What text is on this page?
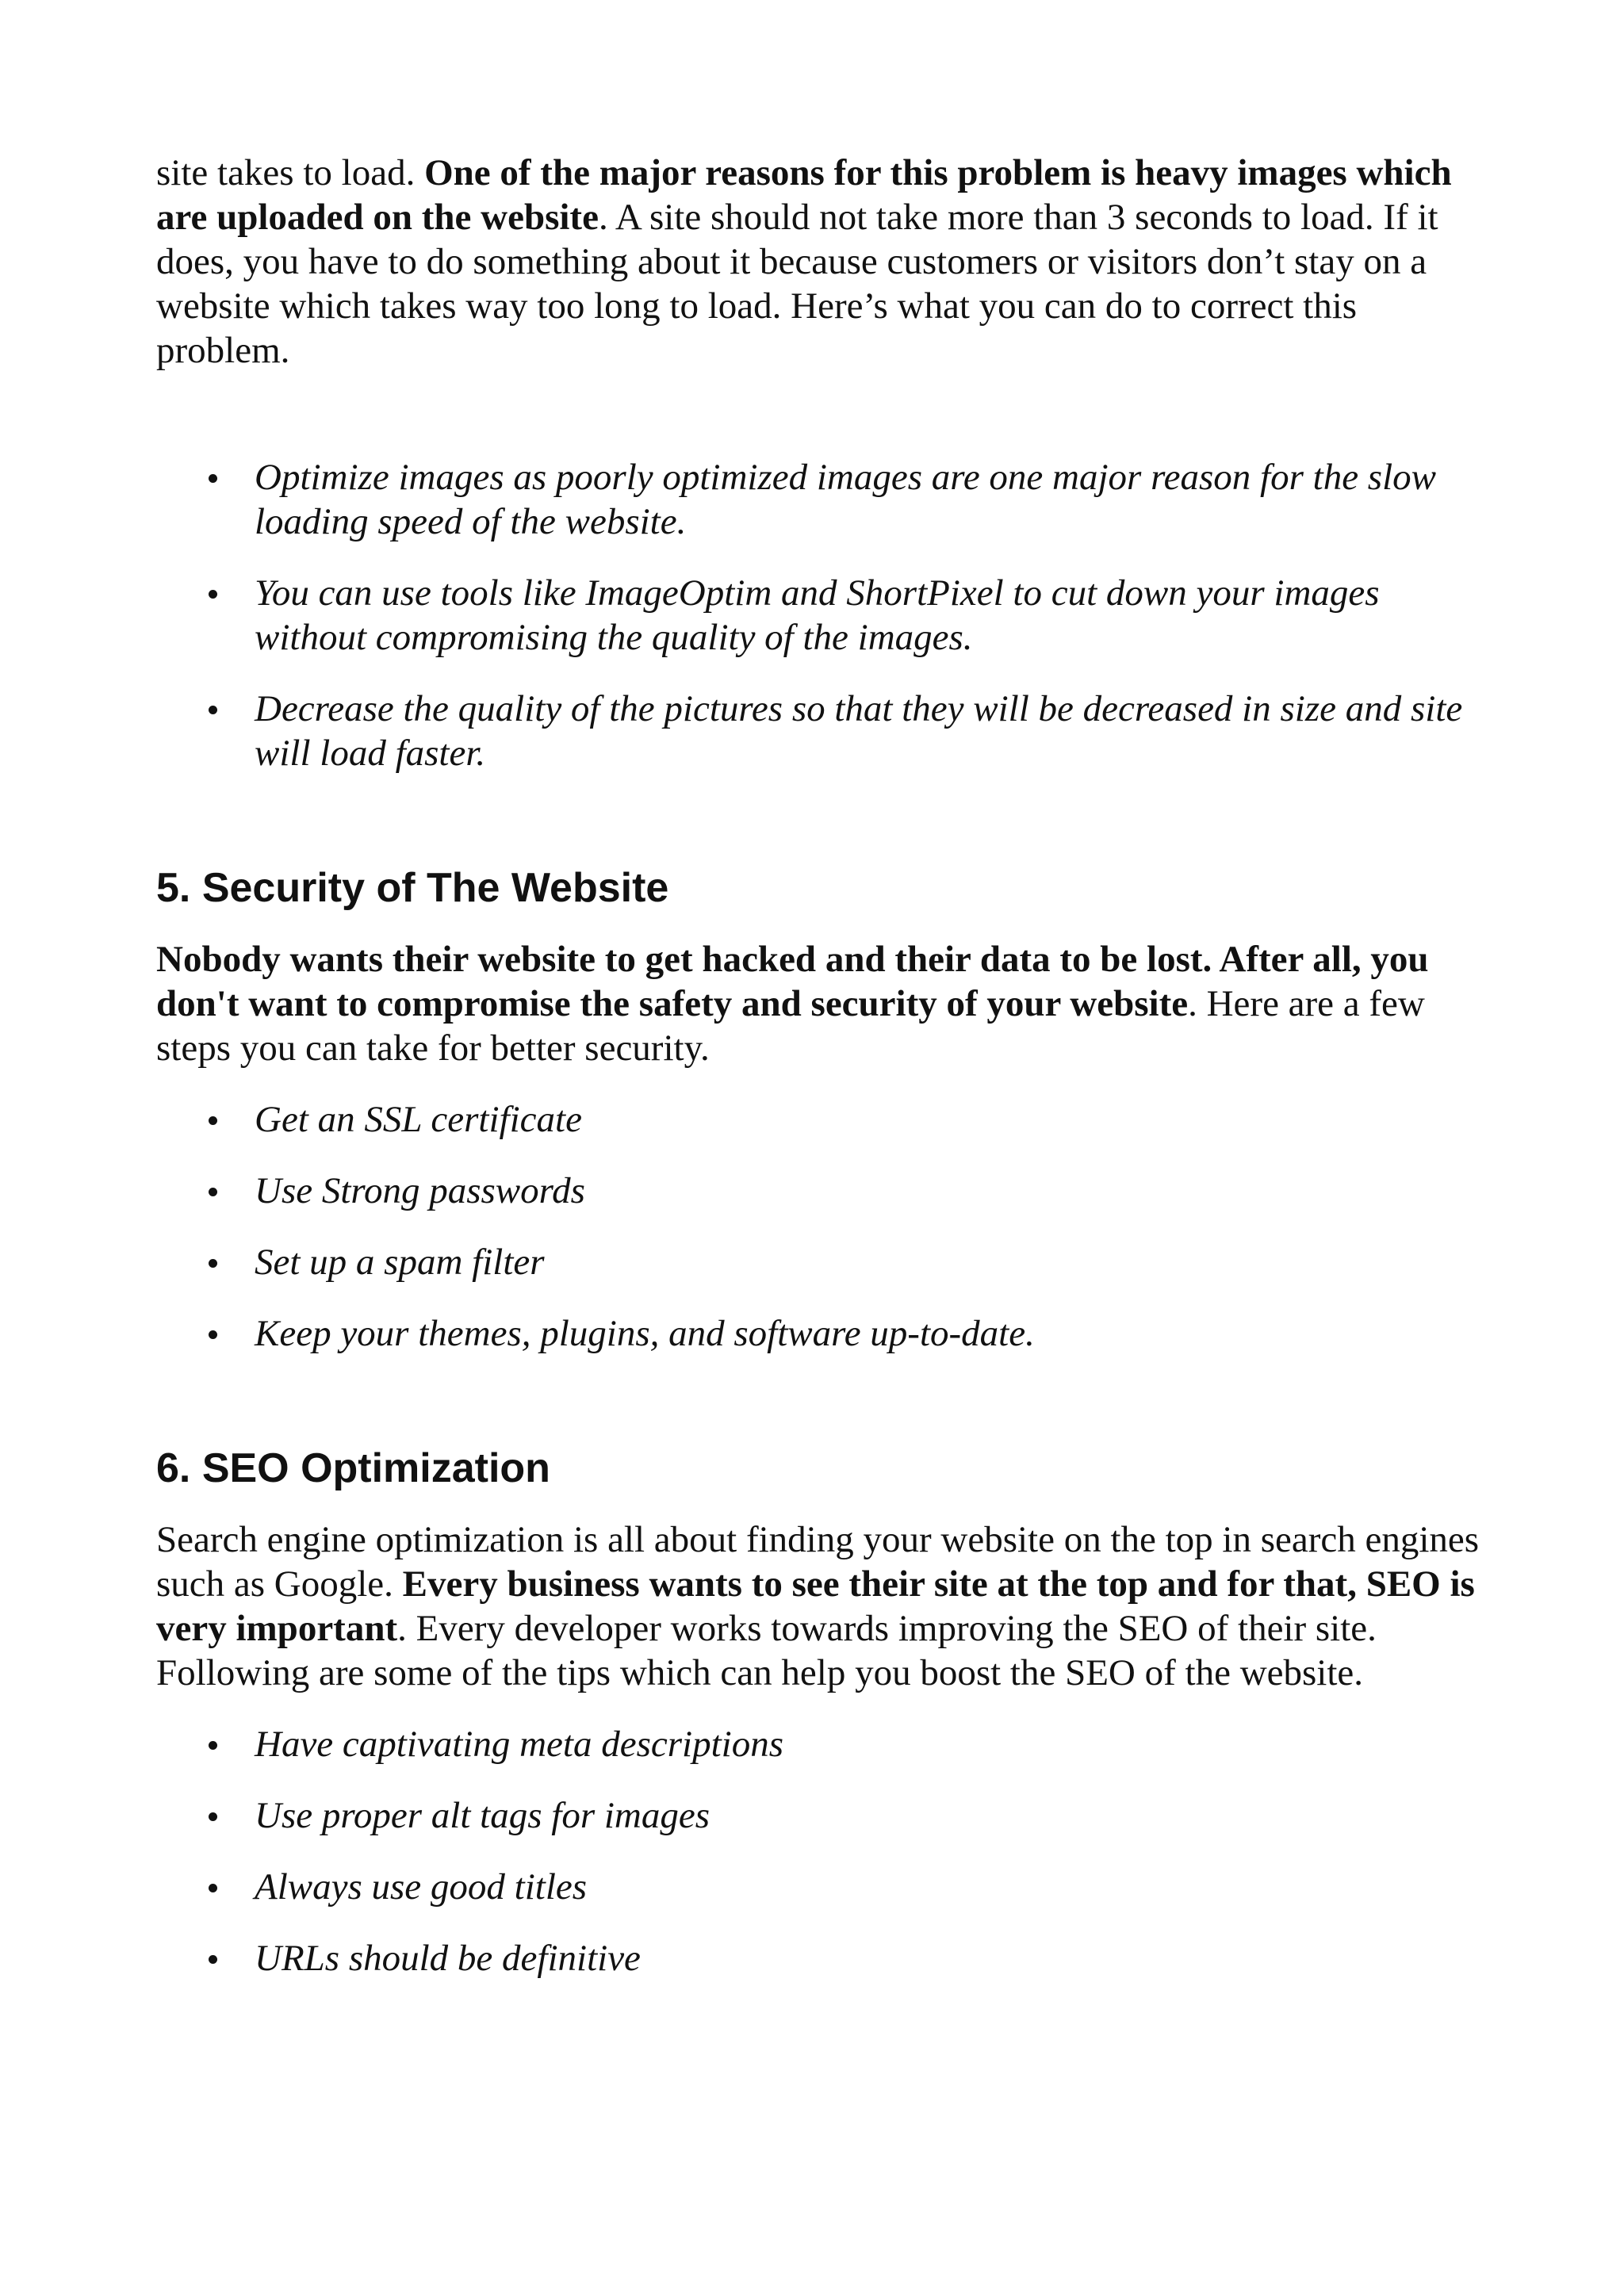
site takes to load. One of the major reasons for this problem is heavy images which are uploaded on the website. A site should not take more than 3 seconds to load. If it does, you have to do something about it because customers or visitors don’t stay on a website which takes way too long to load. Here’s what you can do to correct this problem.

Optimize images as poorly optimized images are one major reason for the slow loading speed of the website.
You can use tools like ImageOptim and ShortPixel to cut down your images without compromising the quality of the images.
Decrease the quality of the pictures so that they will be decreased in size and site will load faster.
5. Security of The Website

Nobody wants their website to get hacked and their data to be lost. After all, you don't want to compromise the safety and security of your website. Here are a few steps you can take for better security.

Get an SSL certificate
Use Strong passwords
Set up a spam filter
Keep your themes, plugins, and software up-to-date.
6. SEO Optimization

Search engine optimization is all about finding your website on the top in search engines such as Google. Every business wants to see their site at the top and for that, SEO is very important. Every developer works towards improving the SEO of their site. Following are some of the tips which can help you boost the SEO of the website.

Have captivating meta descriptions
Use proper alt tags for images
Always use good titles
URLs should be definitive
